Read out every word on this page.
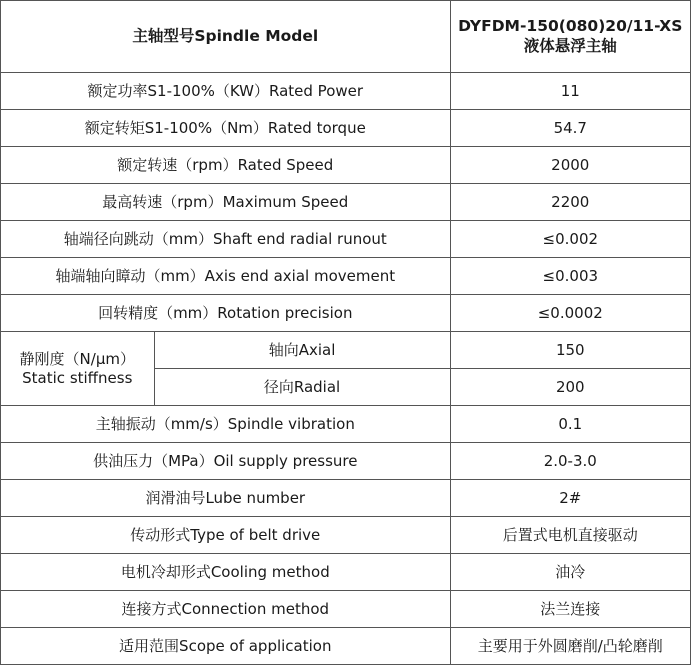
主轴型号Spindle Model		DYFDM-150(080)20/11-XS
液体悬浮主轴

额定功率S1-100%（KW）Rated Power		11
额定转矩S1-100%（Nm）Rated torque		54.7
额定转速（rpm）Rated Speed		2000
最高转速（rpm）Maximum Speed		2200
轴端径向跳动（mm）Shaft end radial runout		≤0.002
轴端轴向瞕动（mm）Axis end axial movement		≤0.003
回转精度（mm）Rotation precision		≤0.0002

静刚度（N/μm）
Static stiffness	轴向Axial	150
	径向Radial	200
主轴振动（mm/s）Spindle vibration		0.1
供油压力（MPa）Oil supply pressure		2.0-3.0
润滑油号Lube number		2#
传动形式Type of belt drive		后置式电机直接驱动
电机冷却形式Cooling method		油冷
连接方式Connection method		法兰连接
适用范围Scope of application		主要用于外圆磨削/凸轮磨削
